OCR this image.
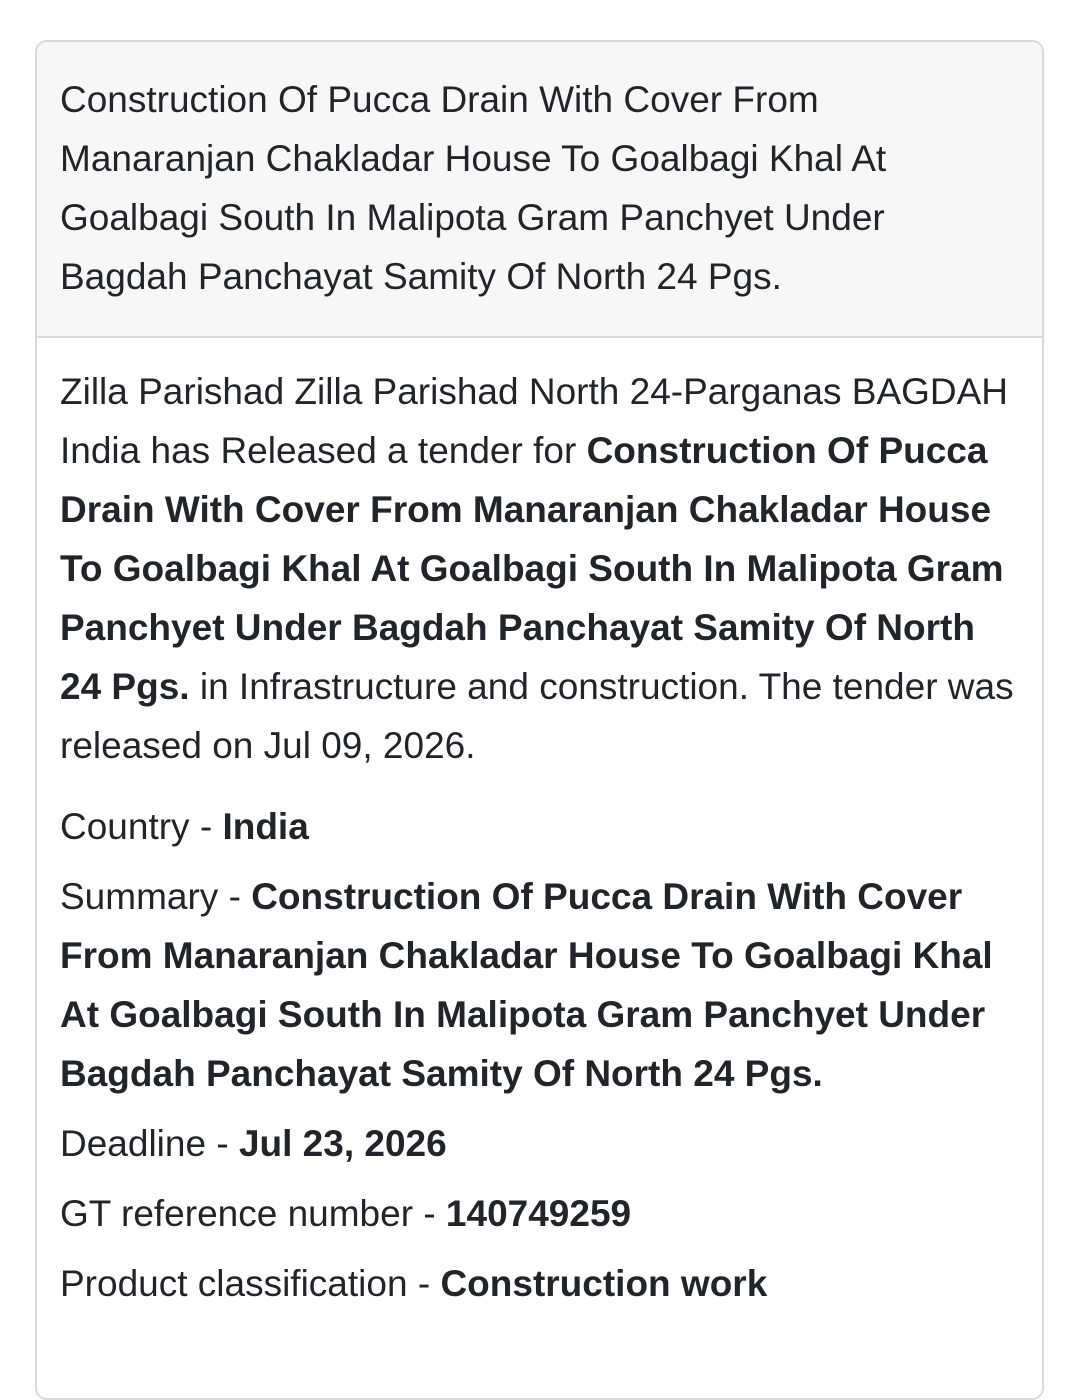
Construction Of Pucca Drain With Cover From Manaranjan Chakladar House To Goalbagi Khal At Goalbagi South In Malipota Gram Panchyet Under Bagdah Panchayat Samity Of North 24 Pgs.

Zilla Parishad Zilla Parishad North 24-Parganas BAGDAH India has Released a tender for Construction Of Pucca Drain With Cover From Manaranjan Chakladar House To Goalbagi Khal At Goalbagi South In Malipota Gram Panchyet Under Bagdah Panchayat Samity Of North 24 Pgs. in Infrastructure and construction. The tender was released on Jul 09, 2026.

Country - India
Summary - Construction Of Pucca Drain With Cover From Manaranjan Chakladar House To Goalbagi Khal At Goalbagi South In Malipota Gram Panchyet Under Bagdah Panchayat Samity Of North 24 Pgs.
Deadline - Jul 23, 2026
GT reference number - 140749259
Product classification - Construction work
